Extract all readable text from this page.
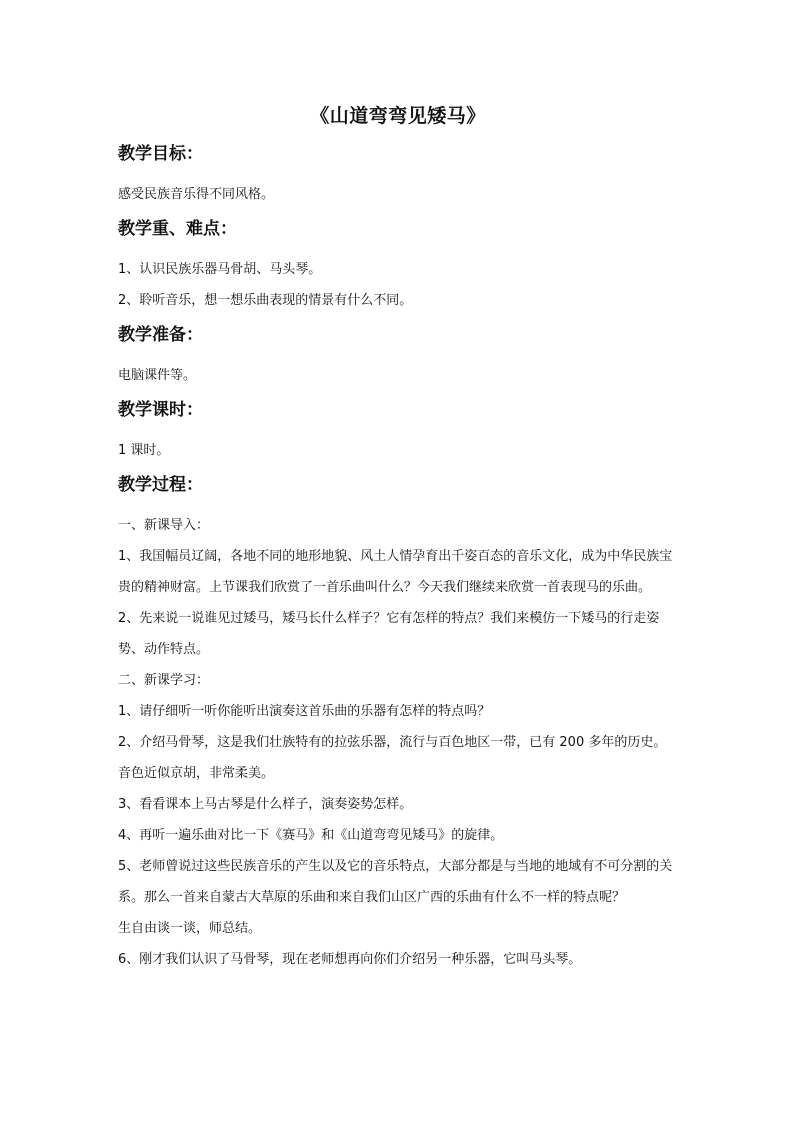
《山道弯弯见矮马》
教学目标：

感受民族音乐得不同风格。

教学重、难点：

1、认识民族乐器马骨胡、马头琴。

2、聆听音乐，想一想乐曲表现的情景有什么不同。

教学准备：

电脑课件等。

教学课时：

1 课时。

教学过程：

一、新课导入：

1、我国幅员辽阔，各地不同的地形地貌、风土人情孕育出千姿百态的音乐文化，成为中华民族宝贵的精神财富。上节课我们欣赏了一首乐曲叫什么？今天我们继续来欣赏一首表现马的乐曲。

2、先来说一说谁见过矮马，矮马长什么样子？它有怎样的特点？我们来模仿一下矮马的行走姿势、动作特点。

二、新课学习：

1、请仔细听一听你能听出演奏这首乐曲的乐器有怎样的特点吗？

2、介绍马骨琴，这是我们壮族特有的拉弦乐器，流行与百色地区一带，已有 200 多年的历史。音色近似京胡，非常柔美。

3、看看课本上马古琴是什么样子，演奏姿势怎样。

4、再听一遍乐曲对比一下《赛马》和《山道弯弯见矮马》的旋律。

5、老师曾说过这些民族音乐的产生以及它的音乐特点，大部分都是与当地的地域有不可分割的关系。那么一首来自蒙古大草原的乐曲和来自我们山区广西的乐曲有什么不一样的特点呢？

生自由谈一谈，师总结。

6、刚才我们认识了马骨琴，现在老师想再向你们介绍另一种乐器，它叫马头琴。
